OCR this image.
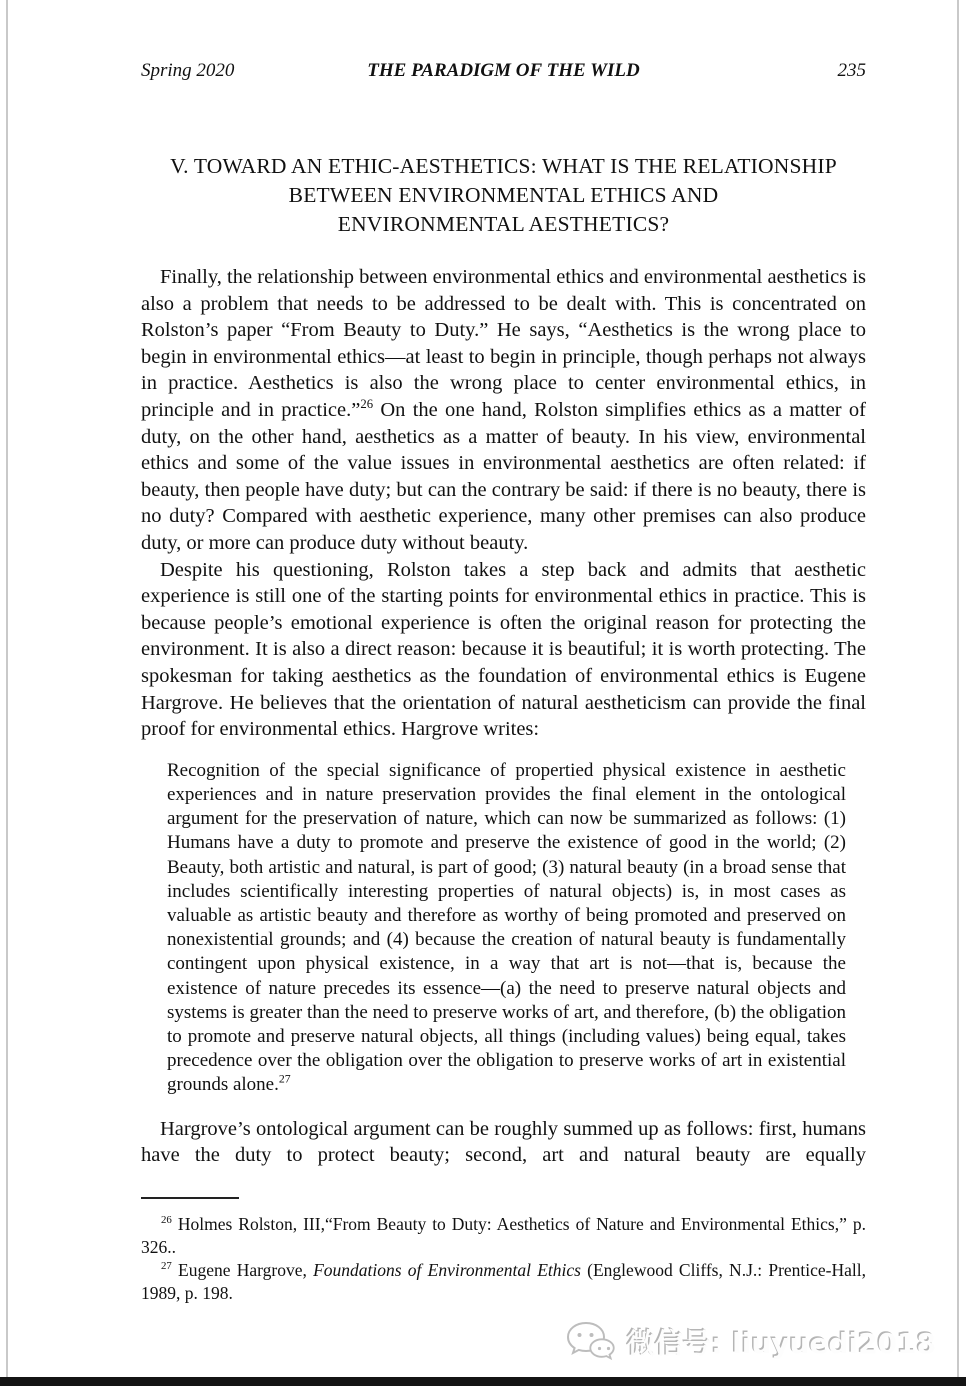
Spring 2020	THE PARADIGM OF THE WILD	235
V. TOWARD AN ETHIC-AESTHETICS: WHAT IS THE RELATIONSHIP
BETWEEN ENVIRONMENTAL ETHICS AND
ENVIRONMENTAL AESTHETICS?

Finally, the relationship between environmental ethics and environmental aesthetics is also a problem that needs to be addressed to be dealt with. This is concentrated on Rolston’s paper “From Beauty to Duty.” He says, “Aesthetics is the wrong place to begin in environmental ethics—at least to begin in principle, though perhaps not always in practice. Aesthetics is also the wrong place to center environmental ethics, in principle and in practice.”$^{26}$ On the one hand, Rolston simplifies ethics as a matter of duty, on the other hand, aesthetics as a matter of beauty. In his view, environmental ethics and some of the value issues in environmental aesthetics are often related: if beauty, then people have duty; but can the contrary be said: if there is no beauty, there is no duty? Compared with aesthetic experience, many other premises can also produce duty, or more can produce duty without beauty.

Despite his questioning, Rolston takes a step back and admits that aesthetic experience is still one of the starting points for environmental ethics in practice. This is because people’s emotional experience is often the original reason for protecting the environment. It is also a direct reason: because it is beautiful; it is worth protecting. The spokesman for taking aesthetics as the foundation of environmental ethics is Eugene Hargrove. He believes that the orientation of natural aestheticism can provide the final proof for environmental ethics. Hargrove writes:

Recognition of the special significance of propertied physical existence in aesthetic experiences and in nature preservation provides the final element in the ontological argument for the preservation of nature, which can now be summarized as follows: (1) Humans have a duty to promote and preserve the existence of good in the world; (2) Beauty, both artistic and natural, is part of good; (3) natural beauty (in a broad sense that includes scientifically interesting properties of natural objects) is, in most cases as valuable as artistic beauty and therefore as worthy of being promoted and preserved on nonexistential grounds; and (4) because the creation of natural beauty is fundamentally contingent upon physical existence, in a way that art is not—that is, because the existence of nature precedes its essence—(a) the need to preserve natural objects and systems is greater than the need to preserve works of art, and therefore, (b) the obligation to promote and preserve natural objects, all things (including values) being equal, takes precedence over the obligation over the obligation to preserve works of art in existential grounds alone.$^{27}$

Hargrove’s ontological argument can be roughly summed up as follows: first, humans have the duty to protect beauty; second, art and natural beauty are equally

$^{26}$ Holmes Rolston, III,“From Beauty to Duty: Aesthetics of Nature and Environmental Ethics,” p. 326..

$^{27}$ Eugene Hargrove, Foundations of Environmental Ethics (Englewood Cliffs, N.J.: Prentice-Hall, 1989, p. 198.

微信号: liuyuedi2018
